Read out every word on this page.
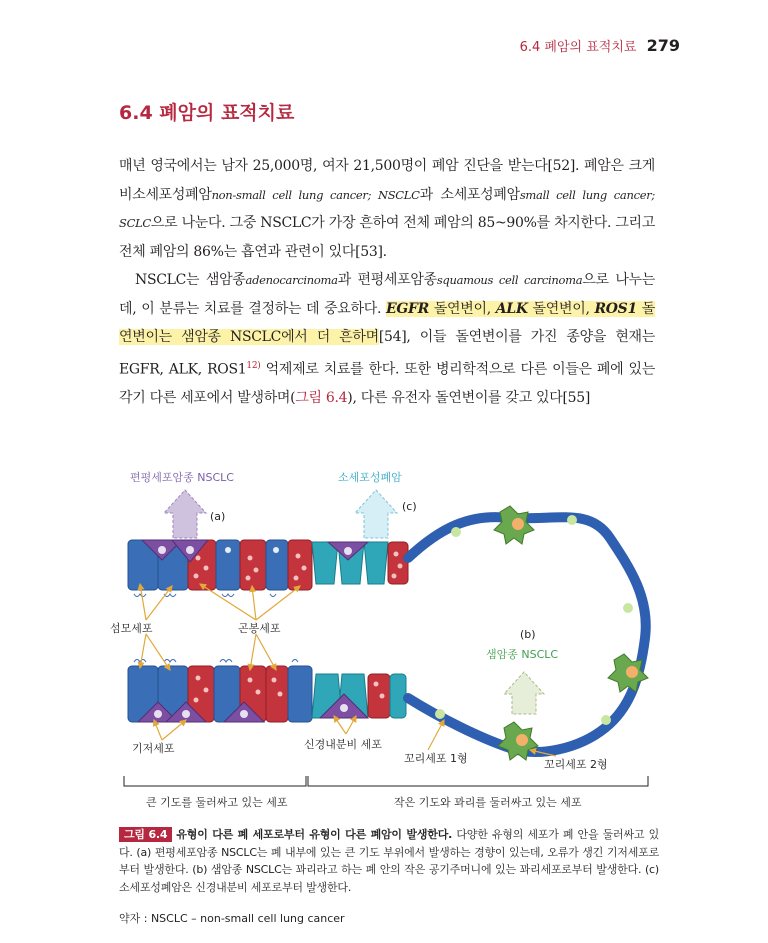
6.4 폐암의 표적치료 279
6.4 폐암의 표적치료

매년 영국에서는 남자 25,000명, 여자 21,500명이 폐암 진단을 받는다[52]. 폐암은 크게 비소세포성폐암non-small cell lung cancer; NSCLC과 소세포성폐암small cell lung cancer; SCLC으로 나눈다. 그중 NSCLC가 가장 흔하여 전체 폐암의 85~90%를 차지한다. 그리고 전체 폐암의 86%는 흡연과 관련이 있다[53].

NSCLC는 샘암종adenocarcinoma과 편평세포암종squamous cell carcinoma으로 나누는데, 이 분류는 치료를 결정하는 데 중요하다. EGFR 돌연변이, ALK 돌연변이, ROS1 돌연변이는 샘암종 NSCLC에서 더 흔하며[54], 이들 돌연변이를 가진 종양을 현재는 EGFR, ALK, ROS1$^{12)}$ 억제제로 치료를 한다. 또한 병리학적으로 다른 이들은 폐에 있는 각기 다른 세포에서 발생하며(그림 6.4), 다른 유전자 돌연변이를 갖고 있다[55]

편평세포암종 NSCLC	소세포성폐암
(a)
(c)
(b)
샘암종 NSCLC
섬모세포	곤봉세포
기저세포	신경내분비 세포
꼬리세포 1형	꼬리세포 2형
큰 기도를 둘러싸고 있는 세포	작은 기도와 꽈리를 둘러싸고 있는 세포

그림 6.4 유형이 다른 폐 세포로부터 유형이 다른 폐암이 발생한다. 다양한 유형의 세포가 폐 안을 둘러싸고 있다. (a) 편평세포암종 NSCLC는 폐 내부에 있는 큰 기도 부위에서 발생하는 경향이 있는데, 오류가 생긴 기저세포로부터 발생한다. (b) 샘암종 NSCLC는 꽈리라고 하는 폐 안의 작은 공기주머니에 있는 꽈리세포로부터 발생한다. (c) 소세포성폐암은 신경내분비 세포로부터 발생한다.

약자 : NSCLC – non-small cell lung cancer
